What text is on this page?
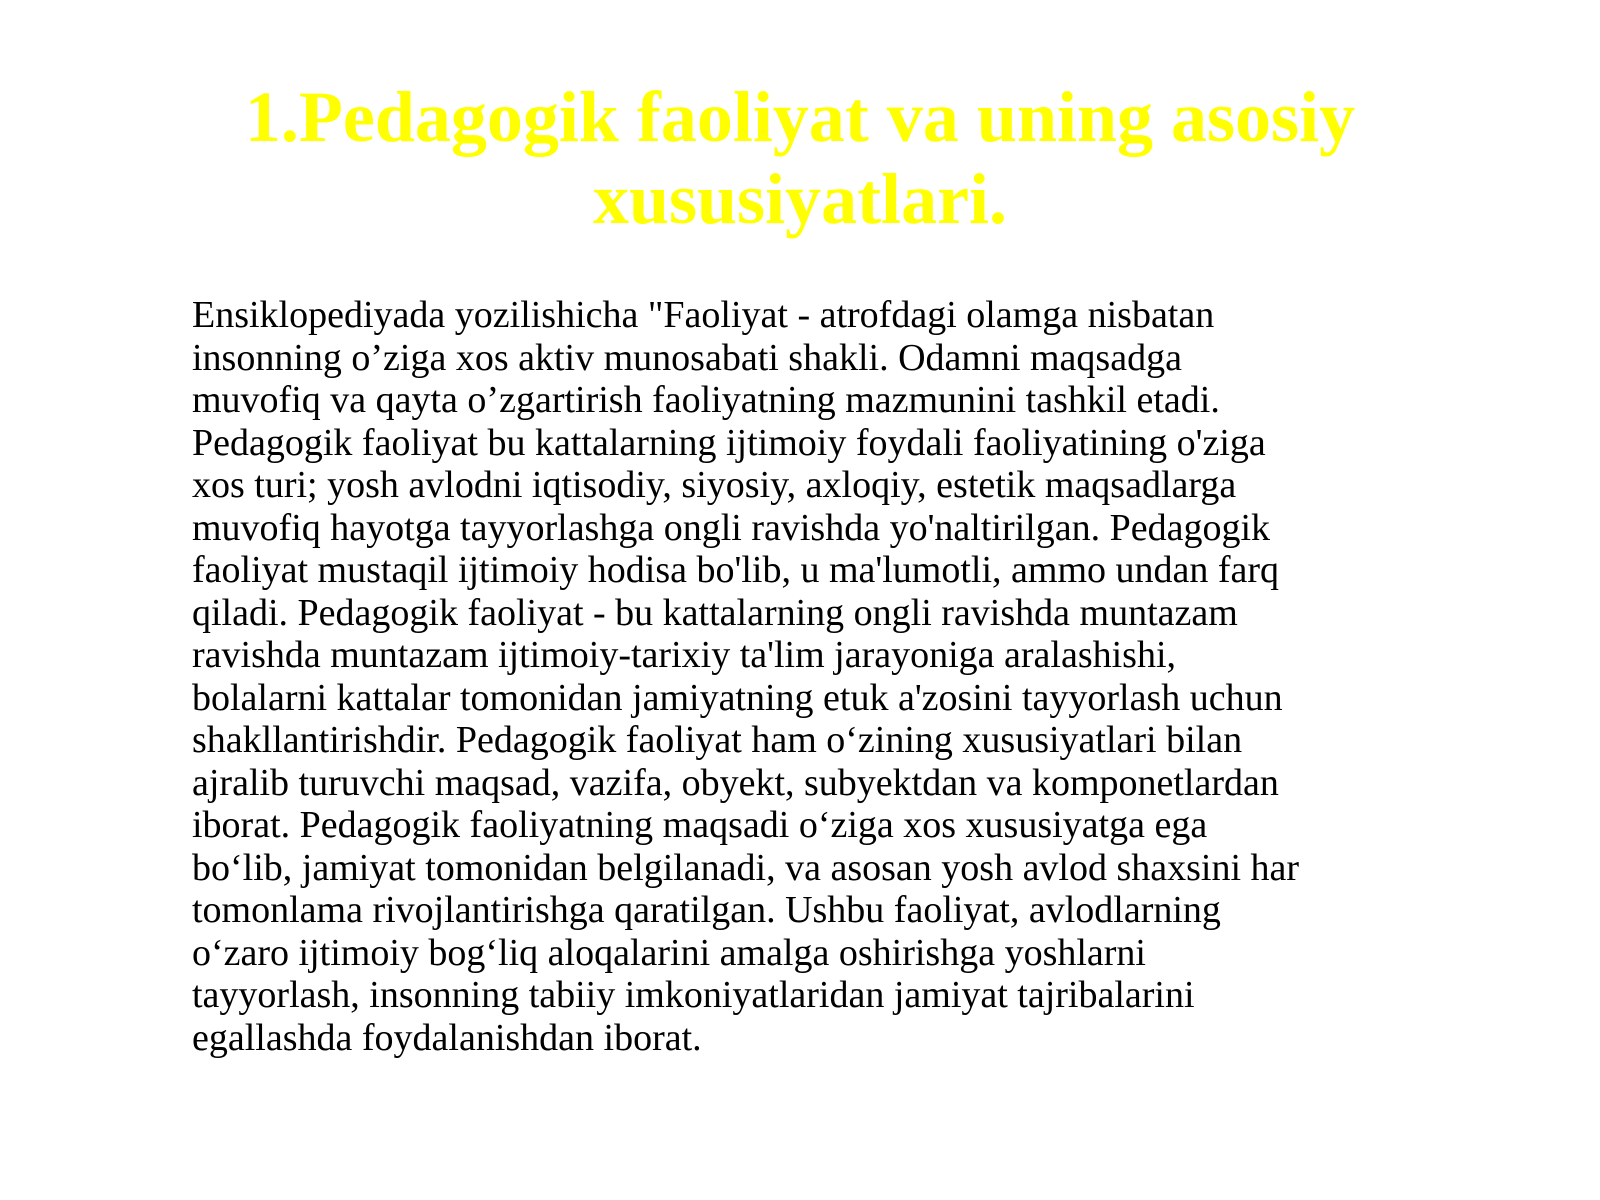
1.Pedagogik faoliyat va uning asosiy
xususiyatlari.
Ensiklopediyada yozilishicha "Faoliyat - atrofdagi olamga nisbatan
insonning o’ziga xos aktiv munosabati shakli. Odamni maqsadga
muvofiq va qayta o’zgartirish faoliyatning mazmunini tashkil etadi.
Pedagogik faoliyat bu kattalarning ijtimoiy foydali faoliyatining o'ziga
xos turi; yosh avlodni iqtisodiy, siyosiy, axloqiy, estetik maqsadlarga
muvofiq hayotga tayyorlashga ongli ravishda yo'naltirilgan. Pedagogik
faoliyat mustaqil ijtimoiy hodisa bo'lib, u ma'lumotli, ammo undan farq
qiladi. Pedagogik faoliyat - bu kattalarning ongli ravishda muntazam
ravishda muntazam ijtimoiy-tarixiy ta'lim jarayoniga aralashishi,
bolalarni kattalar tomonidan jamiyatning etuk a'zosini tayyorlash uchun
shakllantirishdir. Pedagogik faoliyat ham o‘zining xususiyatlari bilan
ajralib turuvchi maqsad, vazifa, obyekt, subyektdan va komponetlardan
iborat. Pedagogik faoliyatning maqsadi o‘ziga xos xususiyatga ega
bo‘lib, jamiyat tomonidan belgilanadi, va asosan yosh avlod shaxsini har
tomonlama rivojlantirishga qaratilgan. Ushbu faoliyat, avlodlarning
o‘zaro ijtimoiy bog‘liq aloqalarini amalga oshirishga yoshlarni
tayyorlash, insonning tabiiy imkoniyatlaridan jamiyat tajribalarini
egallashda foydalanishdan iborat.
